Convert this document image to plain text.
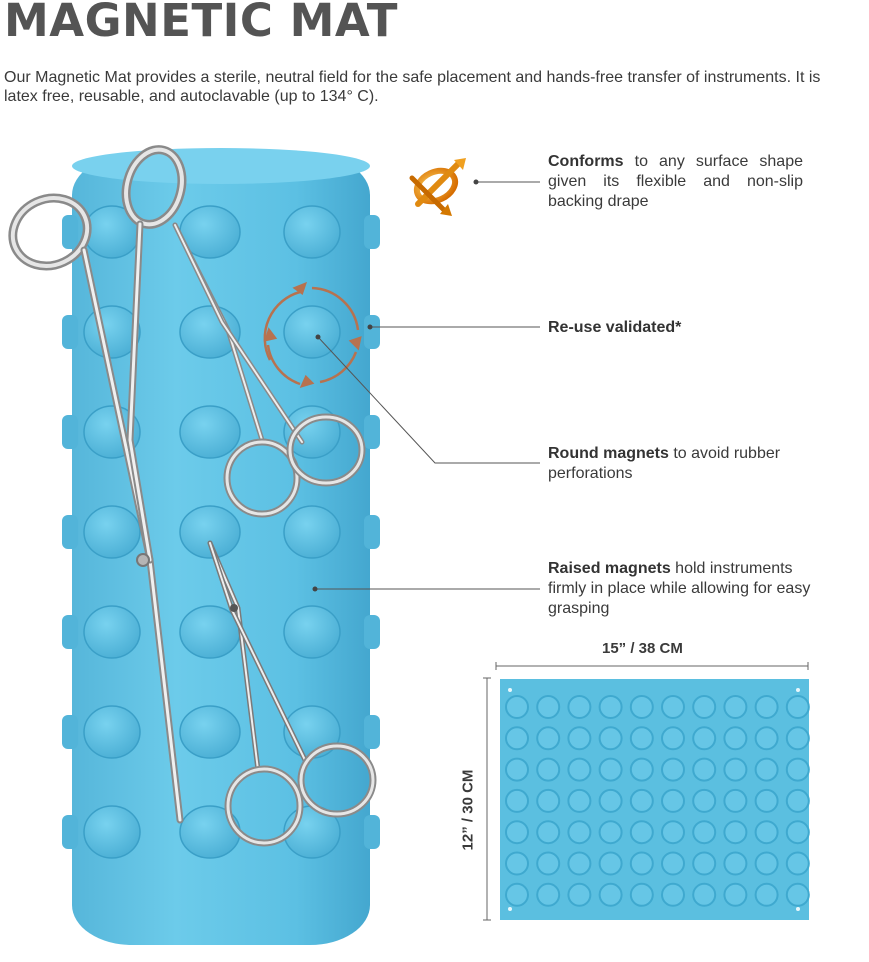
MAGNETIC MAT

Our Magnetic Mat provides a sterile, neutral field for the safe placement and hands-free transfer of instruments. It is latex free, reusable, and autoclavable (up to 134° C).

Conforms to any surface shape given its flexible and non-slip backing drape

Re-use validated*

Round magnets to avoid rubber perforations

Raised magnets hold instruments firmly in place while allowing for easy grasping

15” / 38 CM
12” / 30 CM
